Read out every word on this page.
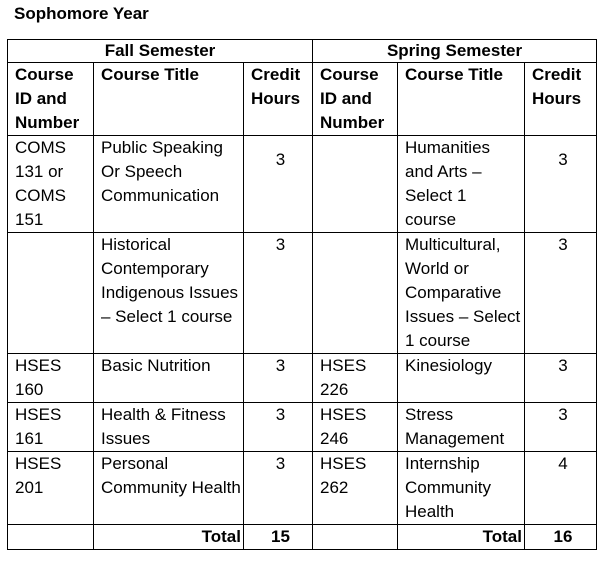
Sophomore Year
Fall Semester			Spring Semester		
Course ID and Number	Course Title	Credit Hours	Course ID and Number	Course Title	Credit Hours
COMS 131 or COMS 151	Public Speaking Or Speech Communication	3		Humanities and Arts – Select 1 course	3
	Historical Contemporary Indigenous Issues – Select 1 course	3		Multicultural, World or Comparative Issues – Select 1 course	3
HSES 160	Basic Nutrition	3	HSES 226	Kinesiology	3
HSES 161	Health & Fitness Issues	3	HSES 246	Stress Management	3
HSES 201	Personal Community Health	3	HSES 262	Internship Community Health	4
	Total	15		Total	16
